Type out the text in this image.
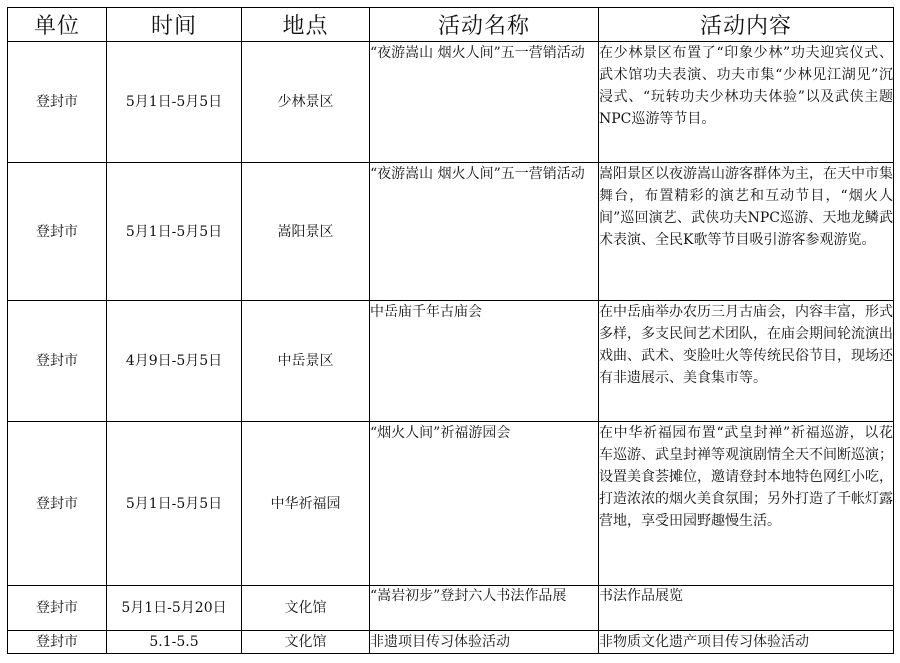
单位	时间	地点	活动名称	活动内容
登封市	5月1日-5月5日	少林景区	“夜游嵩山 烟火人间”五一营销活动	在少林景区布置了“印象少林”功夫迎宾仪式、武术馆功夫表演、功夫市集“少林见江湖见”沉浸式、“玩转功夫少林功夫体验”以及武侠主题NPC巡游等节目。
登封市	5月1日-5月5日	嵩阳景区	“夜游嵩山 烟火人间”五一营销活动	嵩阳景区以夜游嵩山游客群体为主，在天中市集舞台，布置精彩的演艺和互动节目，“烟火人间”巡回演艺、武侠功夫NPC巡游、天地龙鳞武术表演、全民K歌等节目吸引游客参观游览。
登封市	4月9日-5月5日	中岳景区	中岳庙千年古庙会	在中岳庙举办农历三月古庙会，内容丰富，形式多样，多支民间艺术团队，在庙会期间轮流演出戏曲、武术、变脸吐火等传统民俗节目，现场还有非遗展示、美食集市等。
登封市	5月1日-5月5日	中华祈福园	“烟火人间”祈福游园会	在中华祈福园布置“武皇封禅”祈福巡游，以花车巡游、武皇封禅等观演剧情全天不间断巡演；设置美食荟摊位，邀请登封本地特色网红小吃，打造浓浓的烟火美食氛围；另外打造了千帐灯露营地，享受田园野趣慢生活。
登封市	5月1日-5月20日	文化馆	“嵩岩初步”登封六人书法作品展	书法作品展览
登封市	5.1-5.5	文化馆	非遗项目传习体验活动	非物质文化遗产项目传习体验活动
